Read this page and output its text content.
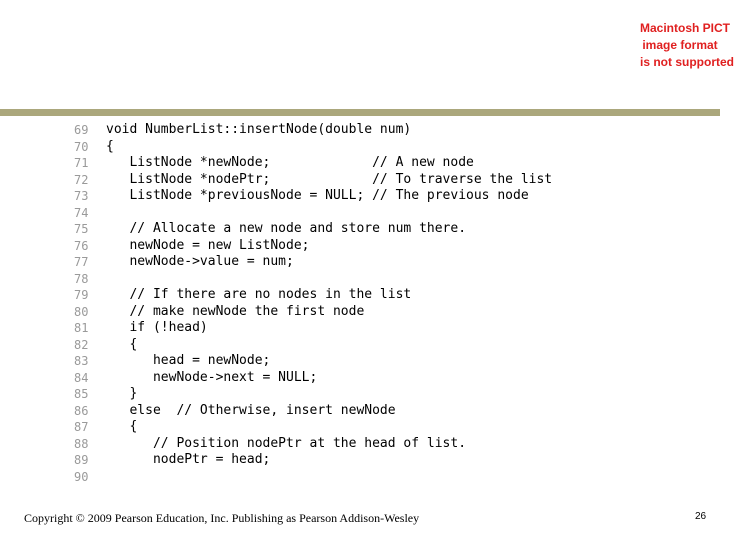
Macintosh PICT
image format
is not supported
69 void NumberList::insertNode(double num)
70 {
71 ListNode *newNode;             // A new node
72 ListNode *nodePtr;             // To traverse the list
73 ListNode *previousNode = NULL; // The previous node
74
75 // Allocate a new node and store num there.
76 newNode = new ListNode;
77 newNode->value = num;
78
79 // If there are no nodes in the list
80 // make newNode the first node
81 if (!head)
82 {
83 head = newNode;
84 newNode->next = NULL;
85 }
86 else  // Otherwise, insert newNode
87 {
88 // Position nodePtr at the head of list.
89 nodePtr = head;
90
Copyright © 2009 Pearson Education, Inc. Publishing as Pearson Addison-Wesley	26
